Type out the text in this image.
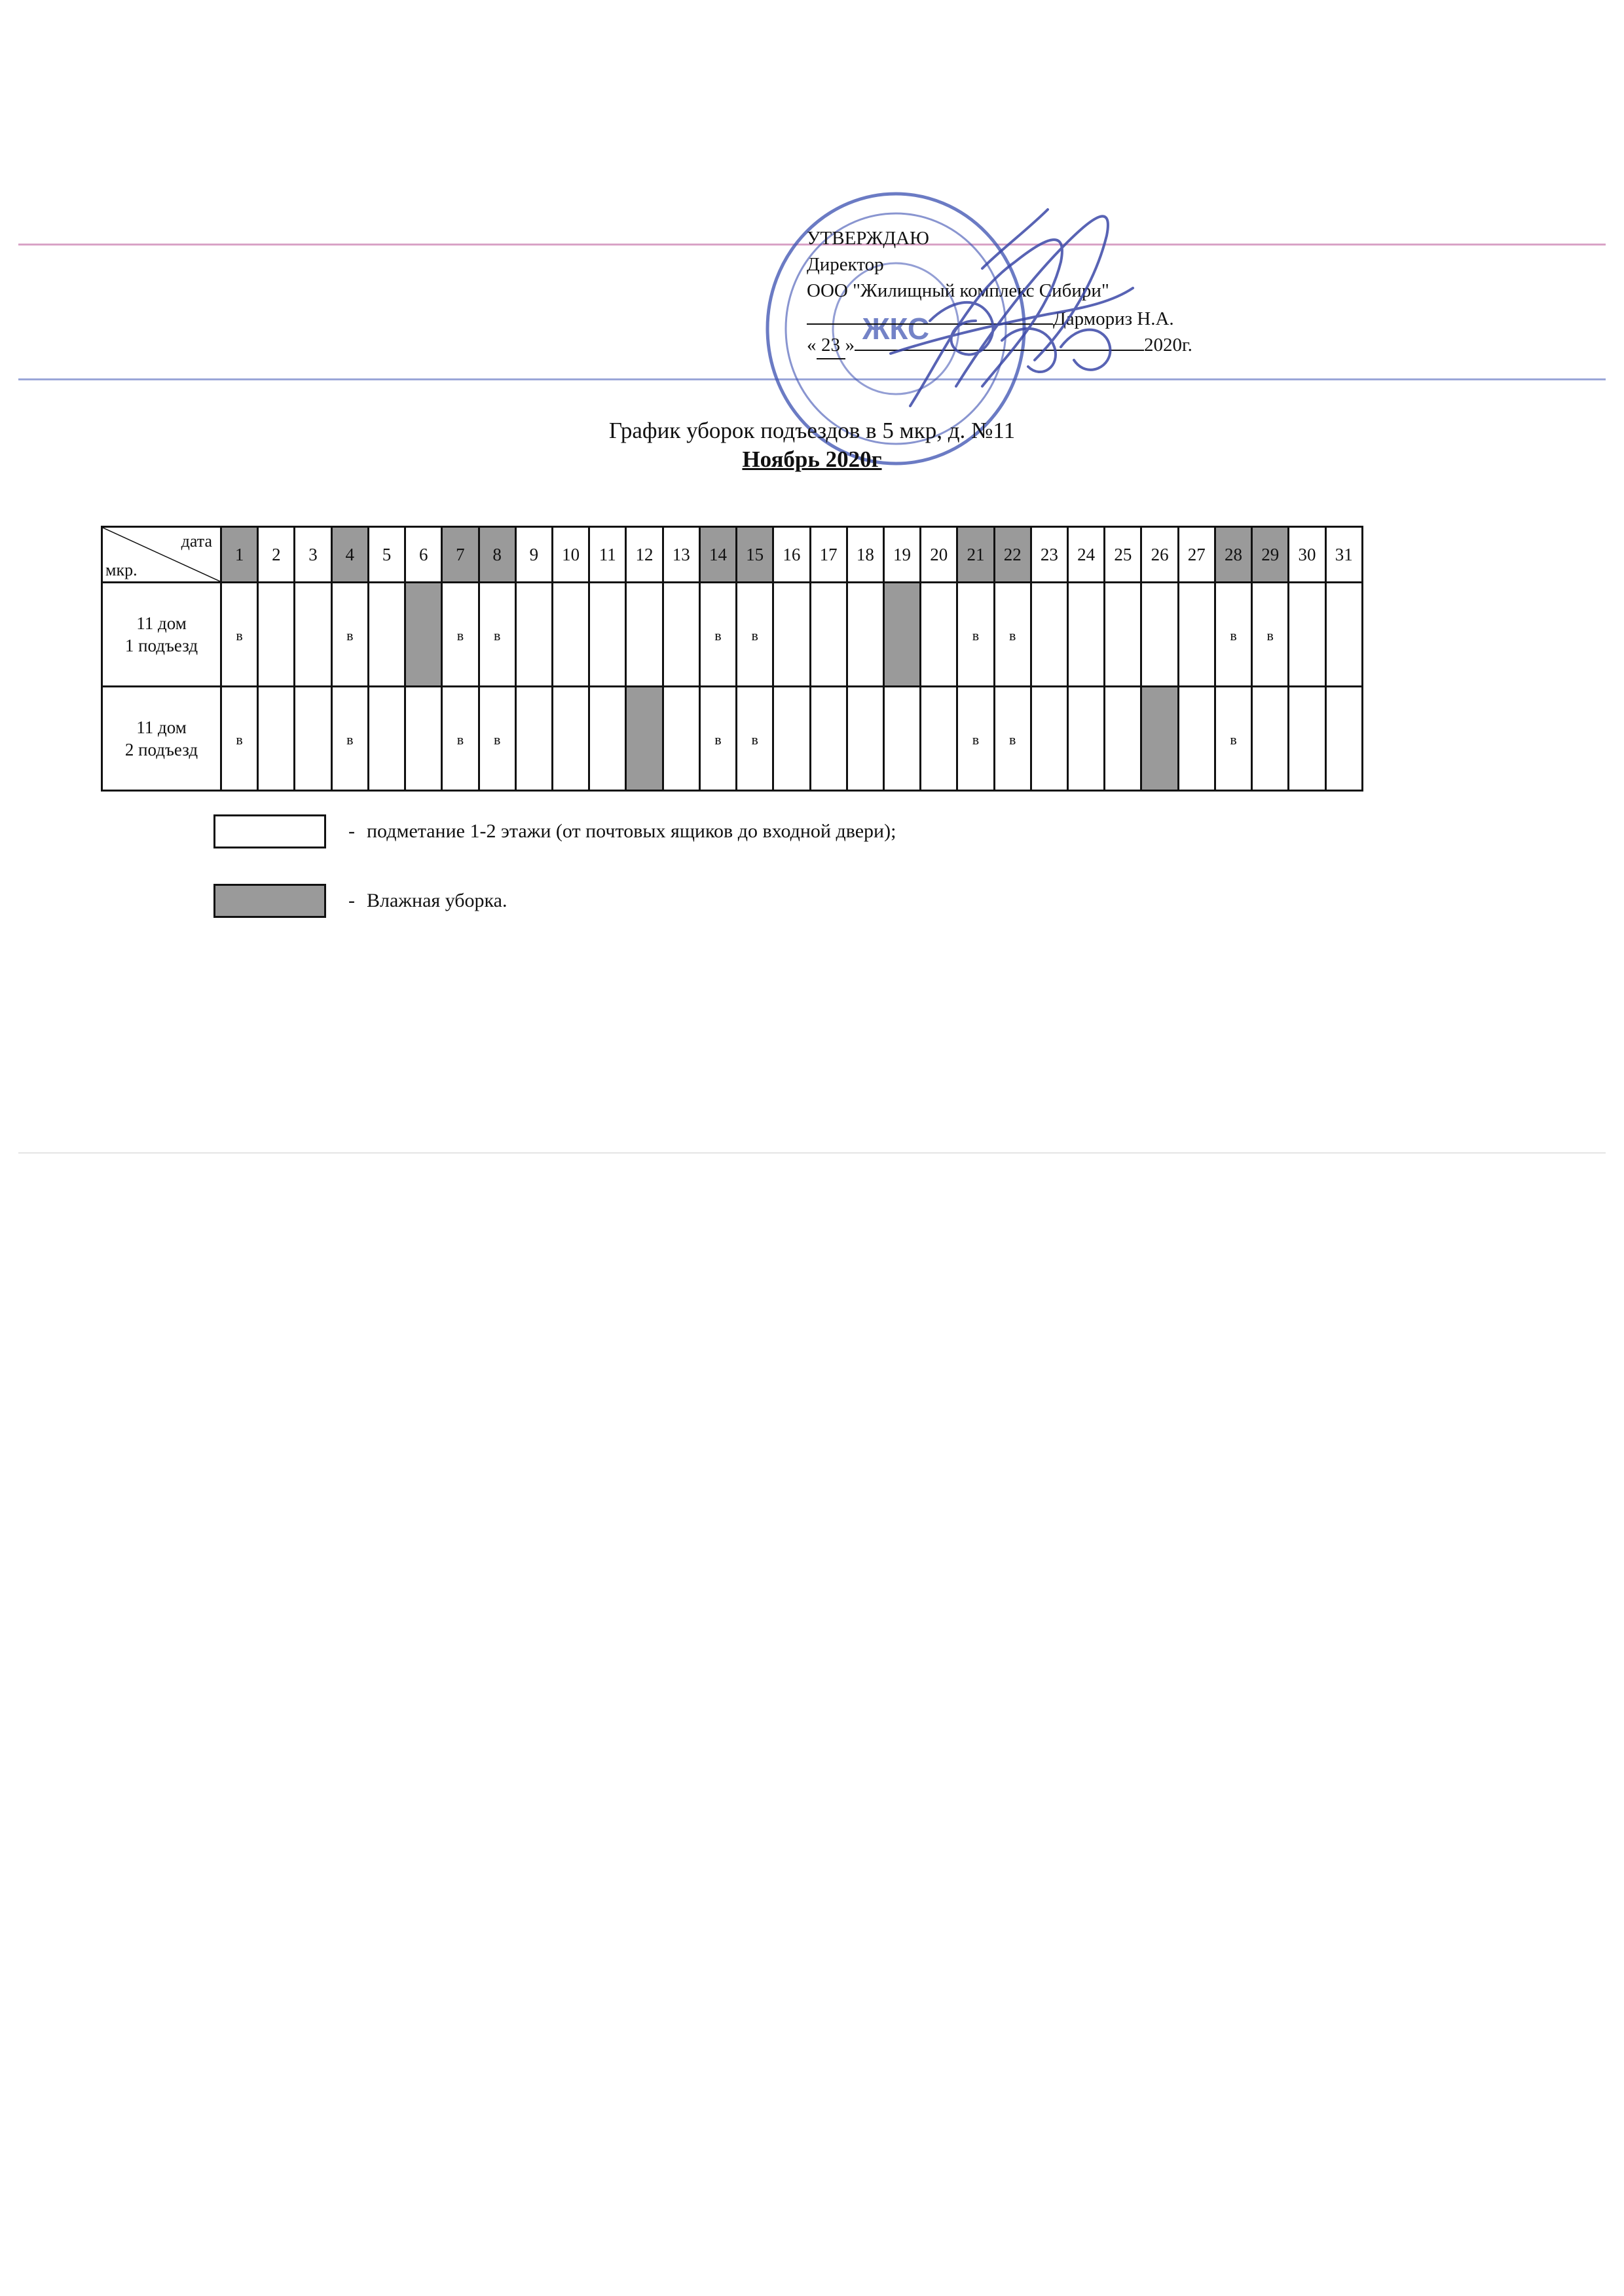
ЖКС
УТВЕРЖДАЮ
Директор
ООО "Жилищный комплекс Сибири"
Дармориз Н.А.
« 23 »	2020г.
График уборок подъездов в 5 мкр, д. №11
Ноябрь 2020г
дата
мкр.	1	2	3	4	5	6	7	8	9	10	11	12	13	14	15	16	17	18	19	20	21	22	23	24	25	26	27	28	29	30	31

11 дом
1 подъезд	в			в			в	в						в	в						в	в						в	в		

11 дом
2 подъезд	в			в			в	в						в	в						в	в						в			
- подметание 1-2 этажи (от почтовых ящиков до входной двери);
- Влажная уборка.
